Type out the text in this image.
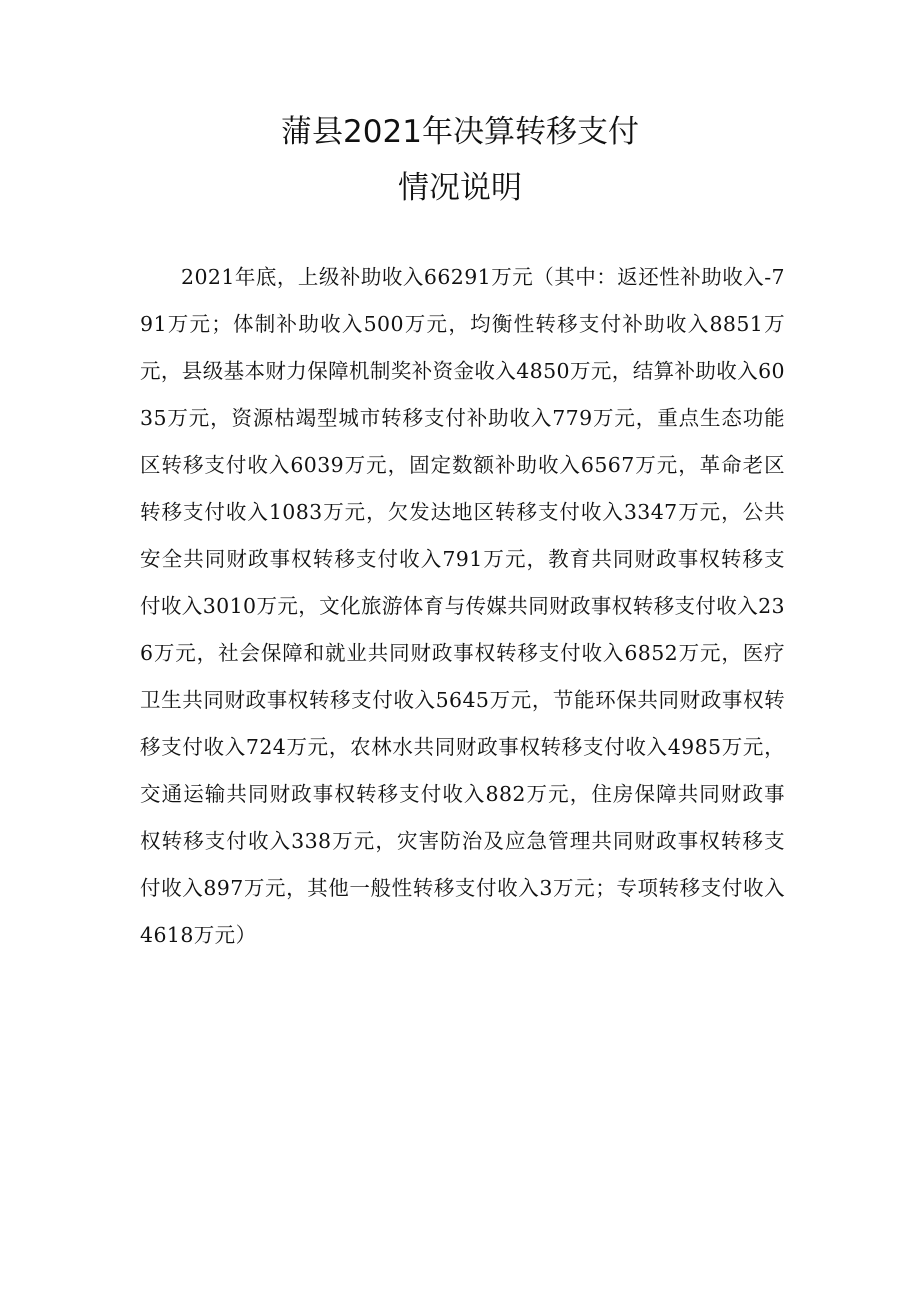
蒲县2021年决算转移支付
情况说明

2021年底，上级补助收入66291万元（其中：返还性补助收入-791万元；体制补助收入500万元，均衡性转移支付补助收入8851万元，县级基本财力保障机制奖补资金收入4850万元，结算补助收入6035万元，资源枯竭型城市转移支付补助收入779万元，重点生态功能区转移支付收入6039万元，固定数额补助收入6567万元，革命老区转移支付收入1083万元，欠发达地区转移支付收入3347万元，公共安全共同财政事权转移支付收入791万元，教育共同财政事权转移支付收入3010万元，文化旅游体育与传媒共同财政事权转移支付收入236万元，社会保障和就业共同财政事权转移支付收入6852万元，医疗卫生共同财政事权转移支付收入5645万元，节能环保共同财政事权转移支付收入724万元，农林水共同财政事权转移支付收入4985万元，交通运输共同财政事权转移支付收入882万元，住房保障共同财政事权转移支付收入338万元，灾害防治及应急管理共同财政事权转移支付收入897万元，其他一般性转移支付收入3万元；专项转移支付收入4618万元）
